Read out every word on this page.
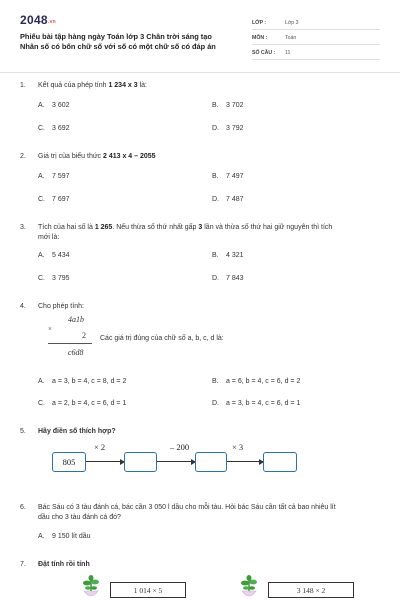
2048.vn
Phiếu bài tập hàng ngày Toán lớp 3 Chân trời sáng tạo
Nhân số có bốn chữ số với số có một chữ số có đáp án
LỚP :	Lớp 3
MÔN :	Toán
SỐ CÂU :	11
1.	Kết quả của phép tính 1 234 x 3 là:
A.	3 602	B.	3 702
C.	3 692	D.	3 792
2.	Giá trị của biểu thức 2 413 x 4 – 2055
A.	7 597	B.	7 497
C.	7 697	D.	7 487
3.	Tích của hai số là 1 265. Nếu thừa số thứ nhất gấp 3 lần và thừa số thứ hai giữ nguyên thì tích
mới là:
A.	5 434	B.	4 321
C.	3 795	D.	7 843
4.	Cho phép tính:
4a1b
×
2
c6d8
Các giá trị đúng của chữ số a, b, c, d là:
A.	a = 3, b = 4, c = 8, d = 2	B.	a = 6, b = 4, c = 6, d = 2
C.	a = 2, b = 4, c = 6, d = 1	D.	a = 3, b = 4, c = 6, d = 1
5.	Hãy điền số thích hợp?
805
× 2	– 200	× 3
6.	Bác Sáu có 3 tàu đánh cá, bác cần 3 050 l dầu cho mỗi tàu. Hỏi bác Sáu cần tất cả bao nhiêu lít
dầu cho 3 tàu đánh cá đó?
A.	9 150 lít dầu
7.	Đặt tính rồi tính
1 014 × 5	3 148 × 2
